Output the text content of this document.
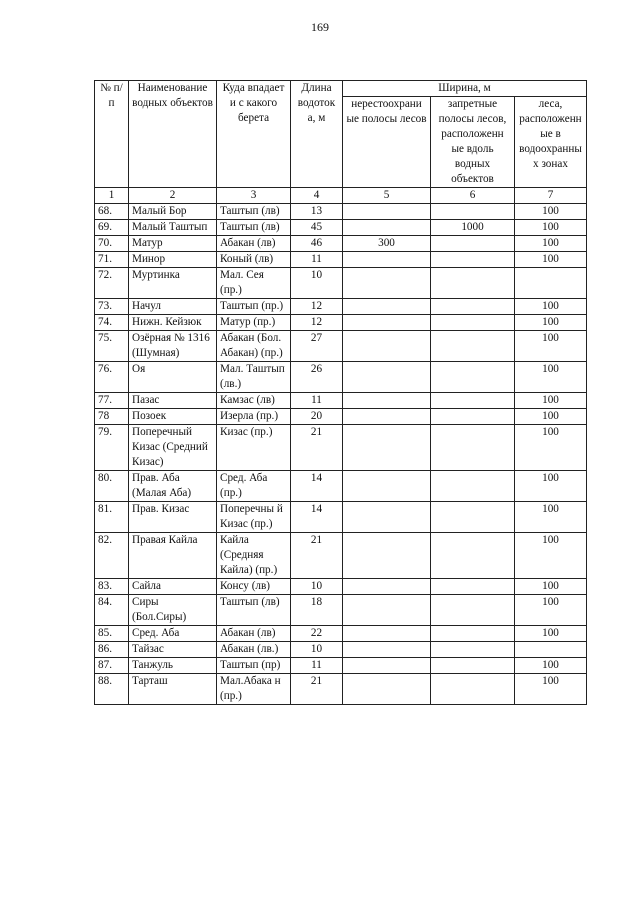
169
№ п/п	Наименование водных объектов	Куда впадает и с какого берета	Длина водоток а, м	Ширина, м		
				нерестоохрани ые полосы лесов	запретные полосы лесов, расположенн ые вдоль водных объектов	леса, расположенн ые в водоохранны х зонах
1	2	3	4	5	6	7
68.	Малый Бор	Таштып (лв)	13			100
69.	Малый Таштып	Таштып (лв)	45		1000	100
70.	Матур	Абакан (лв)	46	300		100
71.	Минор	Коный (лв)	11			100
72.	Муртинка	Мал. Сея (пр.)	10			
73.	Начул	Таштып (пр.)	12			100
74.	Нижн. Кейзюк	Матур (пр.)	12			100
75.	Озёрная № 1316 (Шумная)	Абакан (Бол. Абакан) (пр.)	27			100
76.	Оя	Мал. Таштып (лв.)	26			100
77.	Пазас	Камзас (лв)	11			100
78	Позоек	Изерла (пр.)	20			100
79.	Поперечный Кизас (Средний Кизас)	Кизас (пр.)	21			100
80.	Прав. Аба (Малая Аба)	Сред. Аба (пр.)	14			100
81.	Прав. Кизас	Поперечны й Кизас (пр.)	14			100
82.	Правая Кайла	Кайла (Средняя Кайла) (пр.)	21			100
83.	Сайла	Консу (лв)	10			100
84.	Сиры (Бол.Сиры)	Таштып (лв)	18			100
85.	Сред. Аба	Абакан (лв)	22			100
86.	Тайзас	Абакан (лв.)	10			
87.	Танжуль	Таштып (пр)	11			100
88.	Тарташ	Мал.Абака н (пр.)	21			100
